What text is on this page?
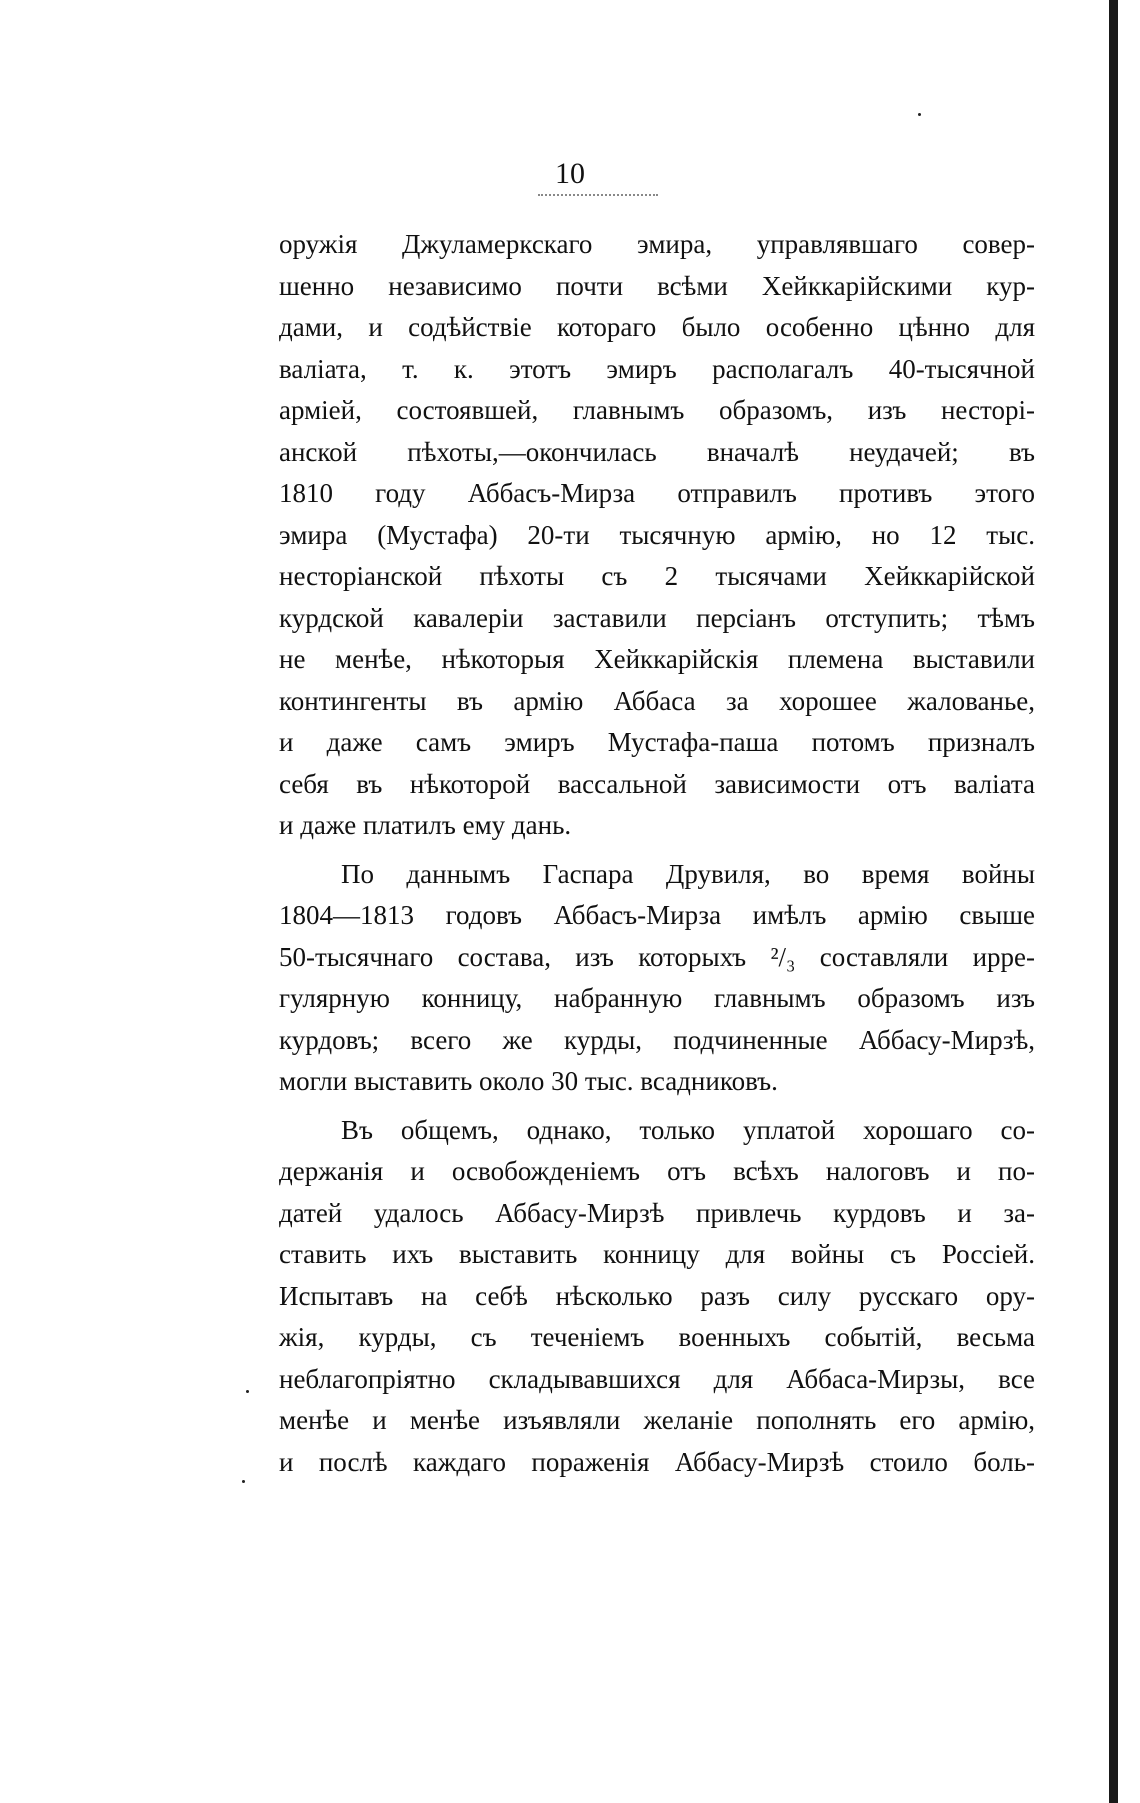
10
оружія Джуламеркскаго эмира, управлявшаго совер-
шенно независимо почти всѣми Хейккарійскими кур-
дами, и содѣйствіе котораго было особенно цѣнно для
валіата, т. к. этотъ эмиръ располагалъ 40-тысячной
арміей, состоявшей, главнымъ образомъ, изъ несторі-
анской пѣхоты,—окончилась вначалѣ неудачей; въ
1810 году Аббасъ-Мирза отправилъ противъ этого
эмира (Мустафа) 20-ти тысячную армію, но 12 тыс.
несторіанской пѣхоты съ 2 тысячами Хейккарійской
курдской кавалеріи заставили персіанъ отступить; тѣмъ
не менѣе, нѣкоторыя Хейккарійскія племена выставили
контингенты въ армію Аббаса за хорошее жалованье,
и даже самъ эмиръ Мустафа-паша потомъ призналъ
себя въ нѣкоторой вассальной зависимости отъ валіата
и даже платилъ ему дань.
По даннымъ Гаспара Друвиля, во время войны
1804—1813 годовъ Аббасъ-Мирза имѣлъ армію свыше
50-тысячнаго состава, изъ которыхъ ²/₃ составляли ирре-
гулярную конницу, набранную главнымъ образомъ изъ
курдовъ; всего же курды, подчиненные Аббасу-Мирзѣ,
могли выставить около 30 тыс. всадниковъ.
Въ общемъ, однако, только уплатой хорошаго со-
держанія и освобожденіемъ отъ всѣхъ налоговъ и по-
датей удалось Аббасу-Мирзѣ привлечь курдовъ и за-
ставить ихъ выставить конницу для войны съ Россіей.
Испытавъ на себѣ нѣсколько разъ силу русскаго ору-
жія, курды, съ теченіемъ военныхъ событій, весьма
неблагопріятно складывавшихся для Аббаса-Мирзы, все
менѣе и менѣе изъявляли желаніе пополнять его армію,
и послѣ каждаго пораженія Аббасу-Мирзѣ стоило боль-
